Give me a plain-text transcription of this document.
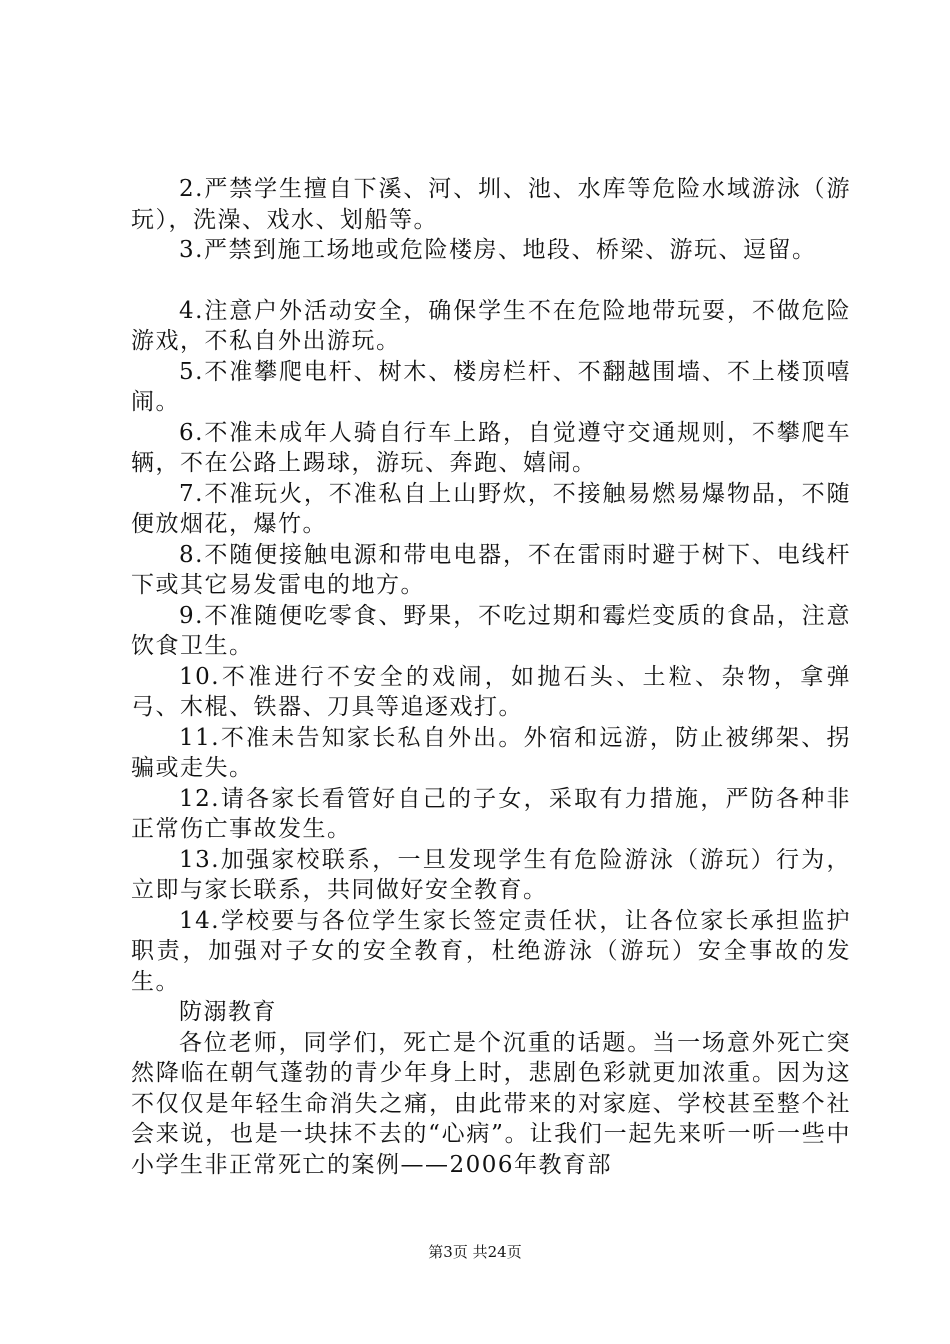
2.严禁学生擅自下溪、河、圳、池、水库等危险水域游泳（游玩），洗澡、戏水、划船等。

3.严禁到施工场地或危险楼房、地段、桥梁、游玩、逗留。

4.注意户外活动安全，确保学生不在危险地带玩耍，不做危险游戏，不私自外出游玩。

5.不准攀爬电杆、树木、楼房栏杆、不翻越围墙、不上楼顶嘻闹。

6.不准未成年人骑自行车上路，自觉遵守交通规则，不攀爬车辆，不在公路上踢球，游玩、奔跑、嬉闹。

7.不准玩火，不准私自上山野炊，不接触易燃易爆物品，不随便放烟花，爆竹。

8.不随便接触电源和带电电器，不在雷雨时避于树下、电线杆下或其它易发雷电的地方。

9.不准随便吃零食、野果，不吃过期和霉烂变质的食品，注意饮食卫生。

10.不准进行不安全的戏闹，如抛石头、土粒、杂物，拿弹弓、木棍、铁器、刀具等追逐戏打。

11.不准未告知家长私自外出。外宿和远游，防止被绑架、拐骗或走失。

12.请各家长看管好自己的子女，采取有力措施，严防各种非正常伤亡事故发生。

13.加强家校联系，一旦发现学生有危险游泳（游玩）行为，立即与家长联系，共同做好安全教育。

14.学校要与各位学生家长签定责任状，让各位家长承担监护职责，加强对子女的安全教育，杜绝游泳（游玩）安全事故的发生。

防溺教育

各位老师，同学们，死亡是个沉重的话题。当一场意外死亡突然降临在朝气蓬勃的青少年身上时，悲剧色彩就更加浓重。因为这不仅仅是年轻生命消失之痛，由此带来的对家庭、学校甚至整个社会来说，也是一块抹不去的“心病”。让我们一起先来听一听一些中小学生非正常死亡的案例——2006年教育部

第3页 共24页
